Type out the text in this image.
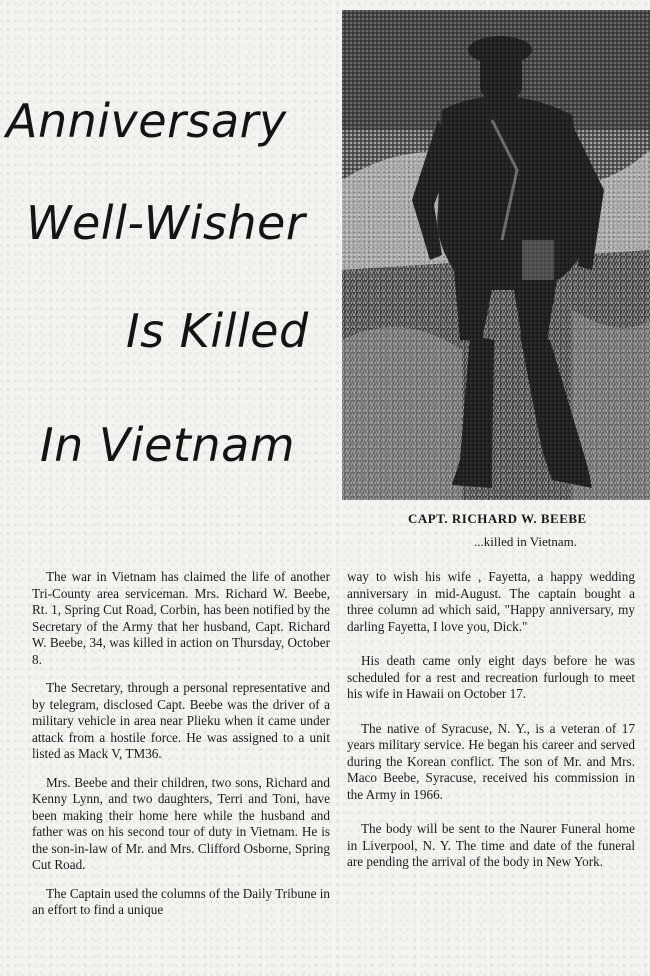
Anniversary
Well-Wisher
Is Killed
In Vietnam
CAPT. RICHARD W. BEEBE
...killed in Vietnam.

The war in Vietnam has claimed the life of another Tri-County area serviceman. Mrs. Richard W. Beebe, Rt. 1, Spring Cut Road, Corbin, has been notified by the Secretary of the Army that her husband, Capt. Richard W. Beebe, 34, was killed in action on Thursday, October 8.

The Secretary, through a personal representative and by telegram, disclosed Capt. Beebe was the driver of a military vehicle in area near Plieku when it came under attack from a hostile force. He was assigned to a unit listed as Mack V, TM36.

Mrs. Beebe and their children, two sons, Richard and Kenny Lynn, and two daughters, Terri and Toni, have been making their home here while the husband and father was on his second tour of duty in Vietnam. He is the son-in-law of Mr. and Mrs. Clifford Osborne, Spring Cut Road.

The Captain used the columns of the Daily Tribune in an effort to find a unique

way to wish his wife , Fayetta, a happy wedding anniversary in mid-August. The captain bought a three column ad which said, "Happy anniversary, my darling Fayetta, I love you, Dick."

His death came only eight days before he was scheduled for a rest and recreation furlough to meet his wife in Hawaii on October 17.

The native of Syracuse, N. Y., is a veteran of 17 years military service. He began his career and served during the Korean conflict. The son of Mr. and Mrs. Maco Beebe, Syracuse, received his commission in the Army in 1966.

The body will be sent to the Naurer Funeral home in Liverpool, N. Y. The time and date of the funeral are pending the arrival of the body in New York.
